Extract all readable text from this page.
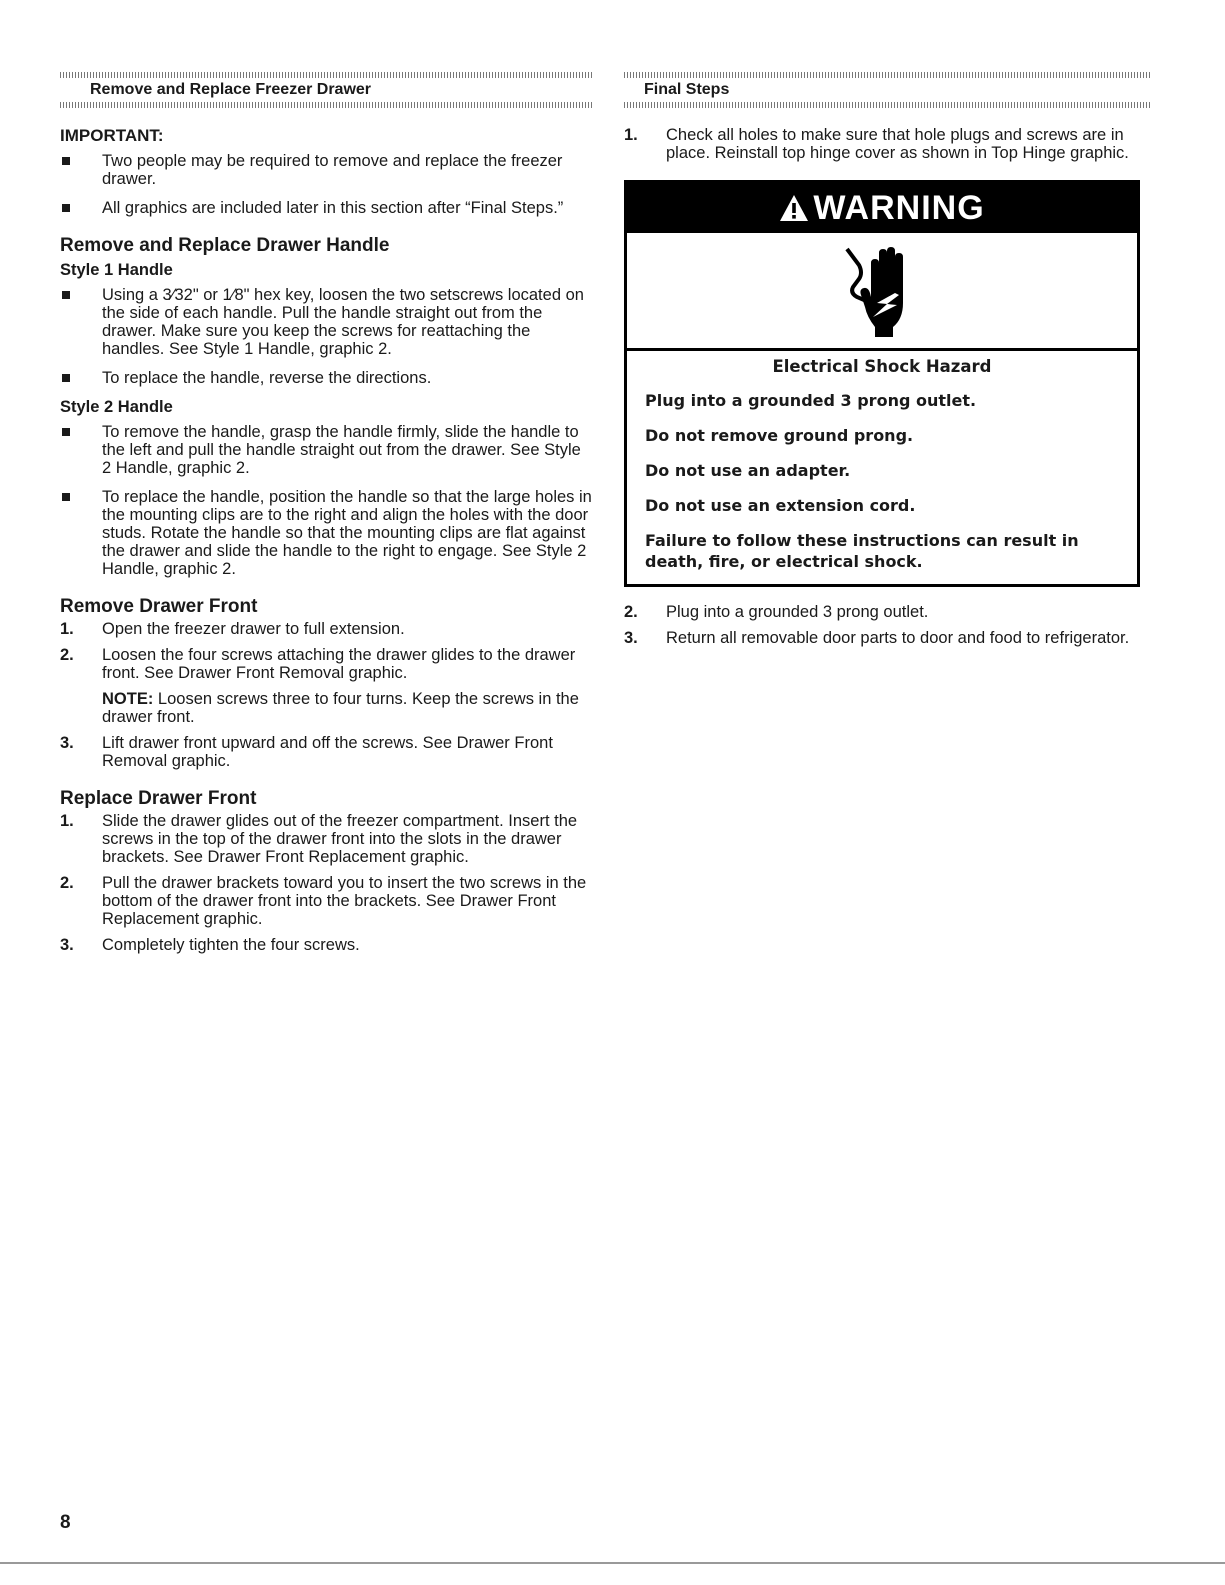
Remove and Replace Freezer Drawer
IMPORTANT:
Two people may be required to remove and replace the freezer drawer.
All graphics are included later in this section after “Final Steps.”
Remove and Replace Drawer Handle
Style 1 Handle
Using a 3⁄32" or 1⁄8" hex key, loosen the two setscrews located on the side of each handle. Pull the handle straight out from the drawer. Make sure you keep the screws for reattaching the handles. See Style 1 Handle, graphic 2.
To replace the handle, reverse the directions.
Style 2 Handle
To remove the handle, grasp the handle firmly, slide the handle to the left and pull the handle straight out from the drawer. See Style 2 Handle, graphic 2.
To replace the handle, position the handle so that the large holes in the mounting clips are to the right and align the holes with the door studs. Rotate the handle so that the mounting clips are flat against the drawer and slide the handle to the right to engage. See Style 2 Handle, graphic 2.
Remove Drawer Front
1. Open the freezer drawer to full extension.
2. Loosen the four screws attaching the drawer glides to the drawer front. See Drawer Front Removal graphic.
NOTE: Loosen screws three to four turns. Keep the screws in the drawer front.
3. Lift drawer front upward and off the screws. See Drawer Front Removal graphic.
Replace Drawer Front
1. Slide the drawer glides out of the freezer compartment. Insert the screws in the top of the drawer front into the slots in the drawer brackets. See Drawer Front Replacement graphic.
2. Pull the drawer brackets toward you to insert the two screws in the bottom of the drawer front into the brackets. See Drawer Front Replacement graphic.
3. Completely tighten the four screws.
Final Steps
1. Check all holes to make sure that hole plugs and screws are in place. Reinstall top hinge cover as shown in Top Hinge graphic.
WARNING
Electrical Shock Hazard

Plug into a grounded 3 prong outlet.

Do not remove ground prong.

Do not use an adapter.

Do not use an extension cord.

Failure to follow these instructions can result in death, fire, or electrical shock.

2. Plug into a grounded 3 prong outlet.
3. Return all removable door parts to door and food to refrigerator.
8
